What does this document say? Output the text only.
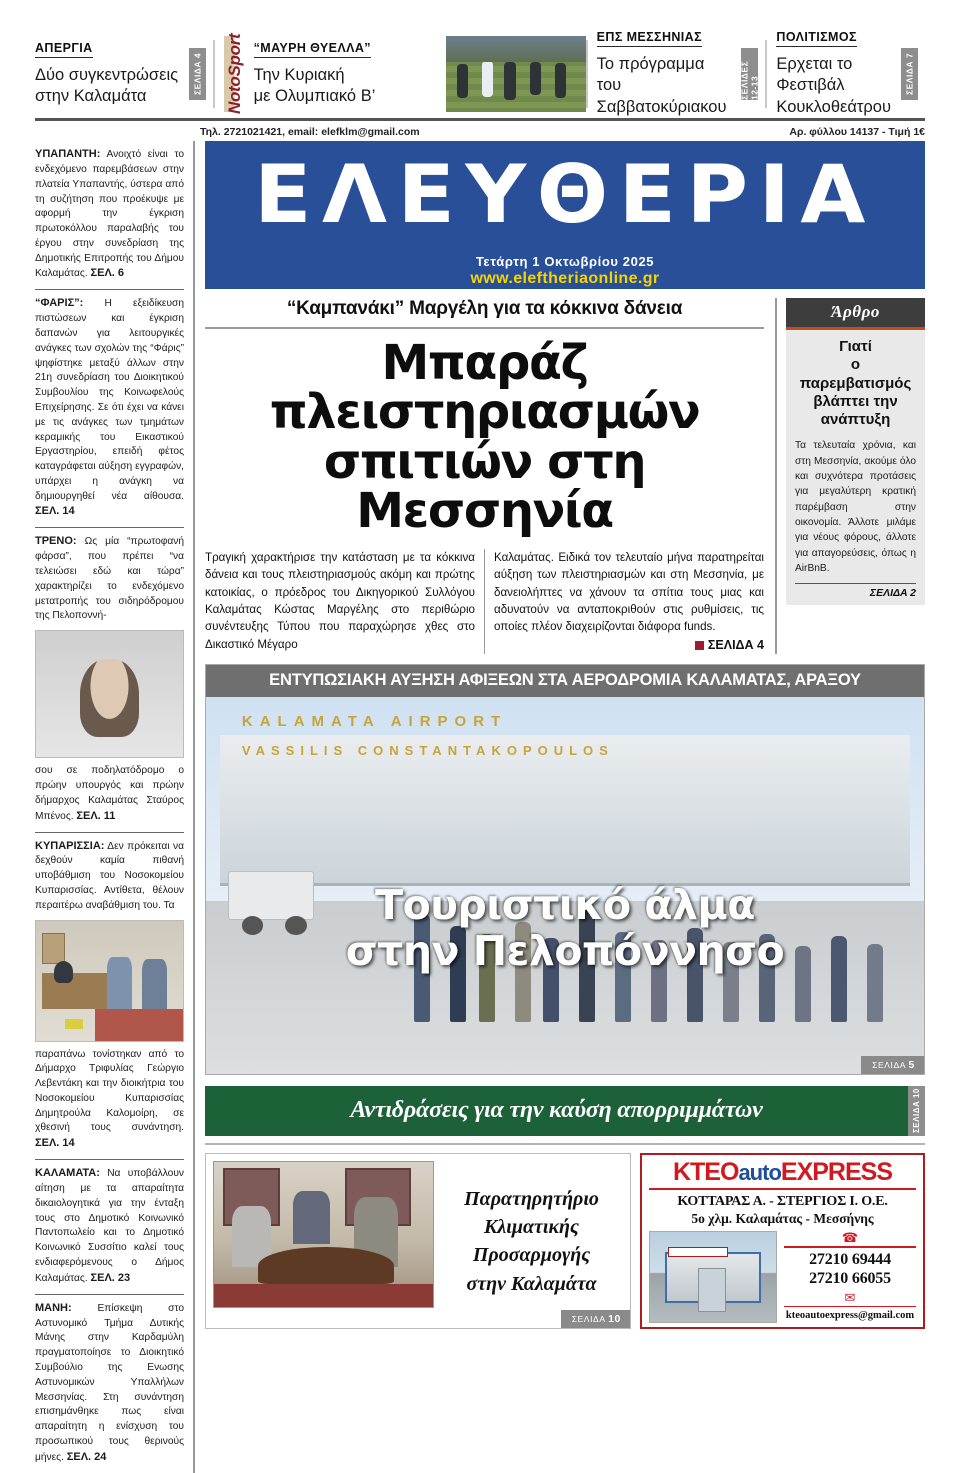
ΑΠΕΡΓΙΑ
Δύο συγκεντρώσεις
στην Καλαμάτα
ΣΕΛΙΔΑ 4 NotoSport “ΜΑΥΡΗ ΘΥΕΛΛΑ”
Την Κυριακή
με Ολυμπιακό Β’
ΕΠΣ ΜΕΣΣΗΝΙΑΣ
Το πρόγραμμα του
Σαββατοκύριακου
ΣΕΛΙΔΕΣ 12-13
ΠΟΛΙΤΙΣΜΟΣ
Ερχεται το Φεστιβάλ
Κουκλοθεάτρου
ΣΕΛΙΔΑ 7
Τηλ. 2721021421, email: elefklm@gmail.com	Αρ. φύλλου 14137 - Τιμή 1€
ΥΠΑΠΑΝΤΗ: Ανοιχτό είναι το ενδεχόμενο παρεμβάσεων στην πλατεία Υπαπαντής, ύστερα από τη συζήτηση που προέκυψε με αφορμή την έγκριση πρωτοκόλλου παραλαβής του έργου στην συνεδρίαση της Δημοτικής Επιτροπής του Δήμου Καλαμάτας. ΣΕΛ. 6
“ΦΑΡΙΣ”: Η εξειδίκευση πιστώσεων και έγκριση δαπανών για λειτουργικές ανάγκες των σχολών της “Φάρις” ψηφίστηκε μεταξύ άλλων στην 21η συνεδρίαση του Διοικητικού Συμβουλίου της Κοινωφελούς Επιχείρησης. Σε ότι έχει να κάνει με τις ανάγκες των τμημάτων κεραμικής του Εικαστικού Εργαστηρίου, επειδή φέτος καταγράφεται αύξηση εγγραφών, υπάρχει η ανάγκη να δημιουργηθεί νέα αίθουσα. ΣΕΛ. 14
ΤΡΕΝΟ: Ως μία “πρωτοφανή φάρσα”, που πρέπει “να τελειώσει εδώ και τώρα” χαρακτηρίζει το ενδεχόμενο μετατροπής του σιδηρόδρομου της Πελοποννή-
σου σε ποδηλατόδρομο ο πρώην υπουργός και πρώην δήμαρχος Καλαμάτας Σταύρος Μπένος. ΣΕΛ. 11
ΚΥΠΑΡΙΣΣΙΑ: Δεν πρόκειται να δεχθούν καμία πιθανή υποβάθμιση του Νοσοκομείου Κυπαρισσίας. Αντίθετα, θέλουν περαιτέρω αναβάθμιση του. Τα
παραπάνω τονίστηκαν από το Δήμαρχο Τριφυλίας Γεώργιο Λεβεντάκη και την διοικήτρια του Νοσοκομείου Κυπαρισσίας Δημητρούλα Καλομοίρη, σε χθεσινή τους συνάντηση. ΣΕΛ. 14
ΚΑΛΑΜΑΤΑ: Να υποβάλλουν αίτηση με τα απαραίτητα δικαιολογητικά για την ένταξη τους στο Δημοτικό Κοινωνικό Παντοπωλείο και το Δημοτικό Κοινωνικό Συσσίτιο καλεί τους ενδιαφερόμενους ο Δήμος Καλαμάτας. ΣΕΛ. 23
ΜΑΝΗ: Επίσκεψη στο Αστυνομικό Τμήμα Δυτικής Μάνης στην Καρδαμύλη πραγματοποίησε το Διοικητικό Συμβούλιο της Ενωσης Αστυνομικών Υπαλλήλων Μεσσηνίας. Στη συνάντηση επισημάνθηκε πως είναι απαραίτητη η ενίσχυση του προσωπικού τους θερινούς μήνες. ΣΕΛ. 24
ΕΛΕΥΘΕΡΙΑ
Τετάρτη 1 Οκτωβρίου 2025
www.eleftheriaonline.gr
“Καμπανάκι” Μαργέλη για τα κόκκινα δάνεια
Μπαράζ πλειστηριασμών
σπιτιών στη Μεσσηνία
Τραγική χαρακτήρισε την κατάσταση με τα κόκκινα δάνεια και τους πλειστηριασμούς ακόμη και πρώτης κατοικίας, ο πρόεδρος του Δικηγορικού Συλλόγου Καλαμάτας Κώστας Μαργέλης στο περιθώριο συνέντευξης Τύπου που παραχώρησε χθες στο Δικαστικό Μέγαρο
Καλαμάτας. Ειδικά τον τελευταίο μήνα παρατηρείται αύξηση των πλειστηριασμών και στη Μεσσηνία, με δανειολήπτες να χάνουν τα σπίτια τους μιας και αδυνατούν να ανταποκριθούν στις ρυθμίσεις, τις οποίες πλέον διαχειρίζονται διάφορα funds.
ΣΕΛΙΔΑ 4
Άρθρο
Γιατί
ο παρεμβατισμός
βλάπτει την
ανάπτυξη
Τα τελευταία χρόνια, και στη Μεσσηνία, ακούμε όλο και συχνότερα προτάσεις για μεγαλύτερη κρατική παρέμβαση στην οικονομία. Άλλοτε μιλάμε για νέους φόρους, άλλοτε για απαγορεύσεις, όπως η AirBnB.
ΣΕΛΙΔΑ 2
ΕΝΤΥΠΩΣΙΑΚΗ ΑΥΞΗΣΗ ΑΦΙΞΕΩΝ ΣΤΑ ΑΕΡΟΔΡΟΜΙΑ ΚΑΛΑΜΑΤΑΣ, ΑΡΑΞΟΥ
KALAMATA AIRPORT
VASSILIS CONSTANTAKOPOULOS
Τουριστικό άλμα
στην Πελοπόννησο
ΣΕΛΙΔΑ 5
Αντιδράσεις για την καύση απορριμμάτων	ΣΕΛΙΔΑ 10
Παρατηρητήριο
Κλιματικής
Προσαρμογής
στην Καλαμάτα
ΣΕΛΙΔΑ 10
KTEOautoEXPRESS
ΚΟΤΤΑΡΑΣ Α. - ΣΤΕΡΓΙΟΣ Ι. Ο.Ε.
5ο χλμ. Καλαμάτας - Μεσσήνης
☎
27210 69444
27210 66055
✉
kteoautoexpress@gmail.com
